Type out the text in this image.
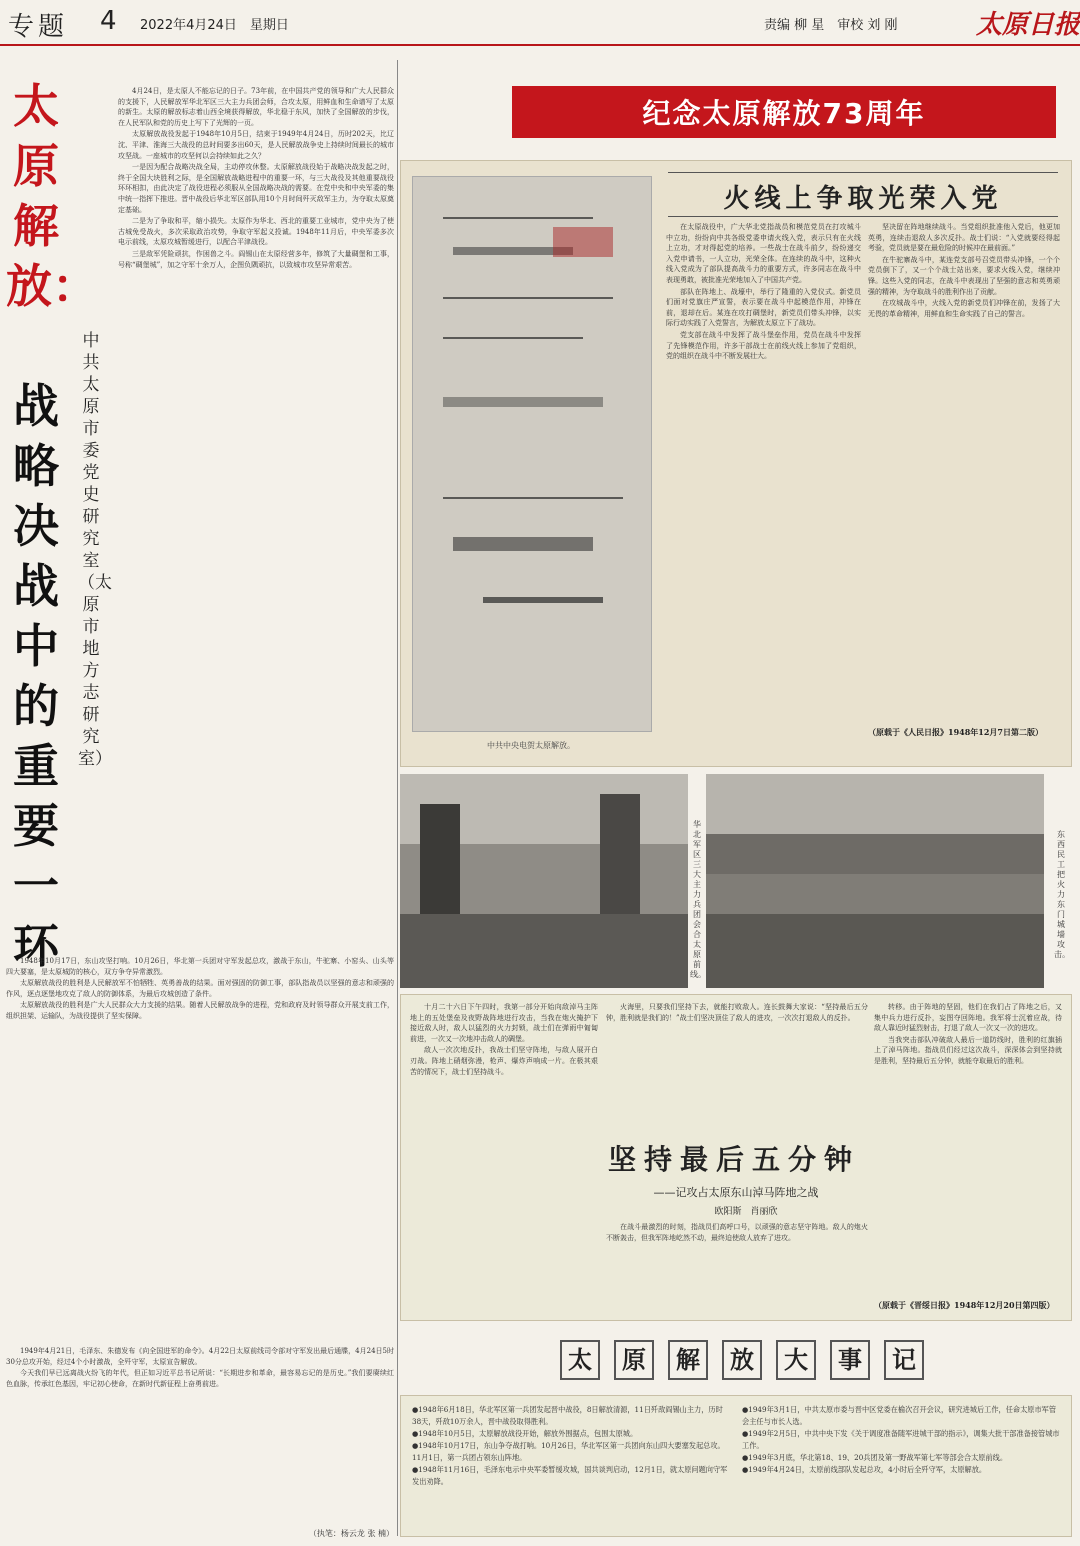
专题 4 2022年4月24日　星期日	责编 柳 星　审校 刘 刚	太原日报
太原解放：
战略决战中的重要一环
中共太原市委党史研究室（太原市地方志研究室）

4月24日，是太原人不能忘记的日子。73年前，在中国共产党的领导和广大人民群众的支援下，人民解放军华北军区三大主力兵团会师，合攻太原，用鲜血和生命谱写了太原的新生。太原的解放标志着山西全境获得解放，华北稳于东风，加快了全国解放的步伐，在人民军队和党的历史上写下了光辉的一页。

太原解放战役发起于1948年10月5日，结束于1949年4月24日，历时202天，比辽沈、平津、淮海三大战役的总时间要多出60天，是人民解放战争史上持续时间最长的城市攻坚战。一座城市的攻坚何以会持续如此之久？

一是因为配合战略决战全局，主动停攻休整。太原解放战役始于战略决战发起之时，终于全国大块胜利之际，是全国解放战略进程中的重要一环，与三大战役及其他重要战役环环相扣，由此决定了战役进程必须服从全国战略决战的需要。在党中央和中央军委的集中统一指挥下推进。晋中战役后华北军区部队用10个月时间歼灭敌军主力，为夺取太原奠定基础。

二是为了争取和平，缩小损失。太原作为华北、西北的重要工业城市，党中央为了使古城免受战火，多次采取政治攻势，争取守军起义投诚。1948年11月后，中央军委多次电示前线，太原攻城暂缓进行，以配合平津战役。

三是敌军凭险顽抗，作困兽之斗。阎锡山在太原经营多年，修筑了大量碉堡和工事，号称“碉堡城”，加之守军十余万人，企图负隅顽抗，以致城市攻坚异常艰苦。

1948年10月17日，东山攻坚打响。10月26日，华北第一兵团对守军发起总攻，激战于东山，牛驼寨、小窑头、山头等四大要塞，是太原城防的核心，双方争夺异常激烈。

太原解放战役的胜利是人民解放军不怕牺牲、英勇善战的结果。面对强固的防御工事，部队指战员以坚强的意志和顽强的作风，逐点逐堡地攻克了敌人的防御体系，为最后攻城创造了条件。

太原解放战役的胜利是广大人民群众大力支援的结果。随着人民解放战争的进程，党和政府及时领导群众开展支前工作，组织担架、运输队，为战役提供了坚实保障。

1949年4月21日，毛泽东、朱德发布《向全国进军的命令》。4月22日太原前线司令部对守军发出最后通牒，4月24日5时30分总攻开始，经过4个小时激战，全歼守军，太原宣告解放。

今天我们早已远离战火纷飞的年代，但正如习近平总书记所说：“长期进步和革命，最容易忘记的是历史。”我们要赓续红色血脉，传承红色基因，牢记初心使命，在新时代新征程上奋勇前进。

（执笔：杨云龙 张 楠）
纪念太原解放73周年
中共中央电贺太原解放。
火线上争取光荣入党

在太原战役中，广大华北党指战员和模范党员在打攻城斗中立功，纷纷向中共各级党委申请火线入党，表示只有在火线上立功，才对得起党的培养。一些战士在战斗前夕，纷纷递交入党申请书，一人立功，光荣全体。在连续的战斗中，这种火线入党成为了部队提高战斗力的重要方式，许多同志在战斗中表现勇敢，被批准光荣地加入了中国共产党。

部队在阵地上、战壕中，举行了隆重的入党仪式。新党员们面对党旗庄严宣誓，表示要在战斗中起模范作用，冲锋在前，退却在后。某连在攻打碉堡时，新党员们带头冲锋，以实际行动实践了入党誓言，为解放太原立下了战功。

党支部在战斗中发挥了战斗堡垒作用，党员在战斗中发挥了先锋模范作用，许多干部战士在前线火线上参加了党组织，党的组织在战斗中不断发展壮大。

坚决留在阵地继续战斗。当党组织批准他入党后，他更加英勇，连续击退敌人多次反扑。战士们说：“入党就要经得起考验，党员就是要在最危险的时候冲在最前面。”

在牛驼寨战斗中，某连党支部号召党员带头冲锋，一个个党员倒下了，又一个个战士站出来，要求火线入党，继续冲锋。这些入党的同志，在战斗中表现出了坚强的意志和英勇顽强的精神，为夺取战斗的胜利作出了贡献。

在攻城战斗中，火线入党的新党员们冲锋在前，发扬了大无畏的革命精神，用鲜血和生命实践了自己的誓言。

（原载于《人民日报》1948年12月7日第二版）
华北军区三大主力兵团会合太原前线。
东西民工把火力东门城墙攻击。

十月二十六日下午四时，我第一部分开始向敌淖马主阵地上的五处堡垒及夜野战阵地进行攻击，当我在炮火掩护下接近敌人时，敌人以猛烈的火力封锁，战士们在弹雨中匍匐前进，一次又一次地冲击敌人的碉堡。

敌人一次次地反扑，我战士们坚守阵地，与敌人展开白刃战。阵地上硝烟弥漫，枪声、爆炸声响成一片。在极其艰苦的情况下，战士们坚持战斗。

火海里，只要我们坚持下去，就能打败敌人。连长鼓舞大家说：“坚持最后五分钟，胜利就是我们的！”战士们坚决顶住了敌人的进攻，一次次打退敌人的反扑。

坚持最后五分钟
——记攻占太原东山淖马阵地之战
欧阳斯　肖丽欣

在战斗最激烈的时刻，指战员们高呼口号，以顽强的意志坚守阵地。敌人的炮火不断轰击，但我军阵地屹然不动，最终迫使敌人放弃了进攻。

转移。由于阵地的坚固，他们在我们占了阵地之后，又集中兵力进行反扑，妄图夺回阵地。我军将士沉着应战，待敌人靠近时猛烈射击，打退了敌人一次又一次的进攻。

当我突击部队冲破敌人最后一道防线时，胜利的红旗插上了淖马阵地。指战员们经过这次战斗，深深体会到坚持就是胜利，坚持最后五分钟，就能夺取最后的胜利。

（原载于《晋绥日报》1948年12月20日第四版）
太	原	解	放	大	事	记

●1948年6月18日，华北军区第一兵团发起晋中战役，8日解放清源，11日歼敌阎锡山主力，历时38天，歼敌10万余人，晋中战役取得胜利。

●1948年10月5日，太原解放战役开始，解放外围据点，包围太原城。

●1948年10月17日，东山争夺战打响。10月26日，华北军区第一兵团向东山四大要塞发起总攻。11月1日，第一兵团占领东山阵地。

●1948年11月16日，毛泽东电示中央军委暂缓攻城，国共谈判启动，12月1日，就太原问题向守军发出劝降。

●1949年3月1日，中共太原市委与晋中区党委在榆次召开会议，研究进城后工作，任命太原市军管会主任与市长人选。

●1949年2月5日，中共中央下发《关于调度准备随军进城干部的指示》，调集大批干部准备接管城市工作。

●1949年3月底，华北第18、19、20兵团及第一野战军第七军等部会合太原前线。

●1949年4月24日，太原前线部队发起总攻，4小时后全歼守军，太原解放。
